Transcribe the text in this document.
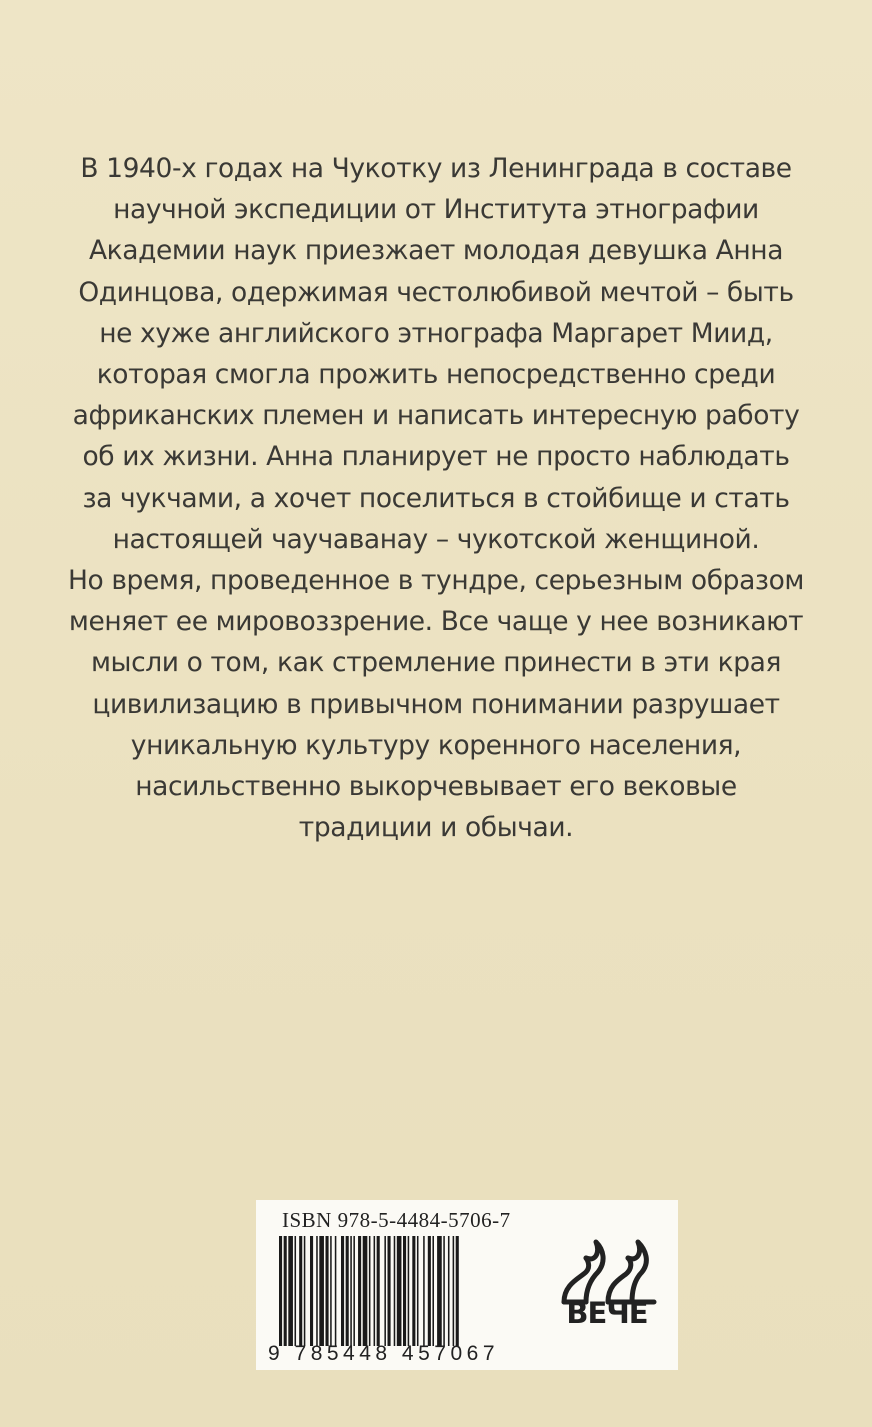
В 1940-х годах на Чукотку из Ленинграда в составе
научной экспедиции от Института этнографии
Академии наук приезжает молодая девушка Анна
Одинцова, одержимая честолюбивой мечтой – быть
не хуже английского этнографа Маргарет Миид,
которая смогла прожить непосредственно среди
африканских племен и написать интересную работу
об их жизни. Анна планирует не просто наблюдать
за чукчами, а хочет поселиться в стойбище и стать
настоящей чаучаванау – чукотской женщиной.
Но время, проведенное в тундре, серьезным образом
меняет ее мировоззрение. Все чаще у нее возникают
мысли о том, как стремление принести в эти края
цивилизацию в привычном понимании разрушает
уникальную культуру коренного населения,
насильственно выкорчевывает его вековые
традиции и обычаи.
ISBN 978-5-4484-5706-7
9 785448 457067
ВЕЧЕ
